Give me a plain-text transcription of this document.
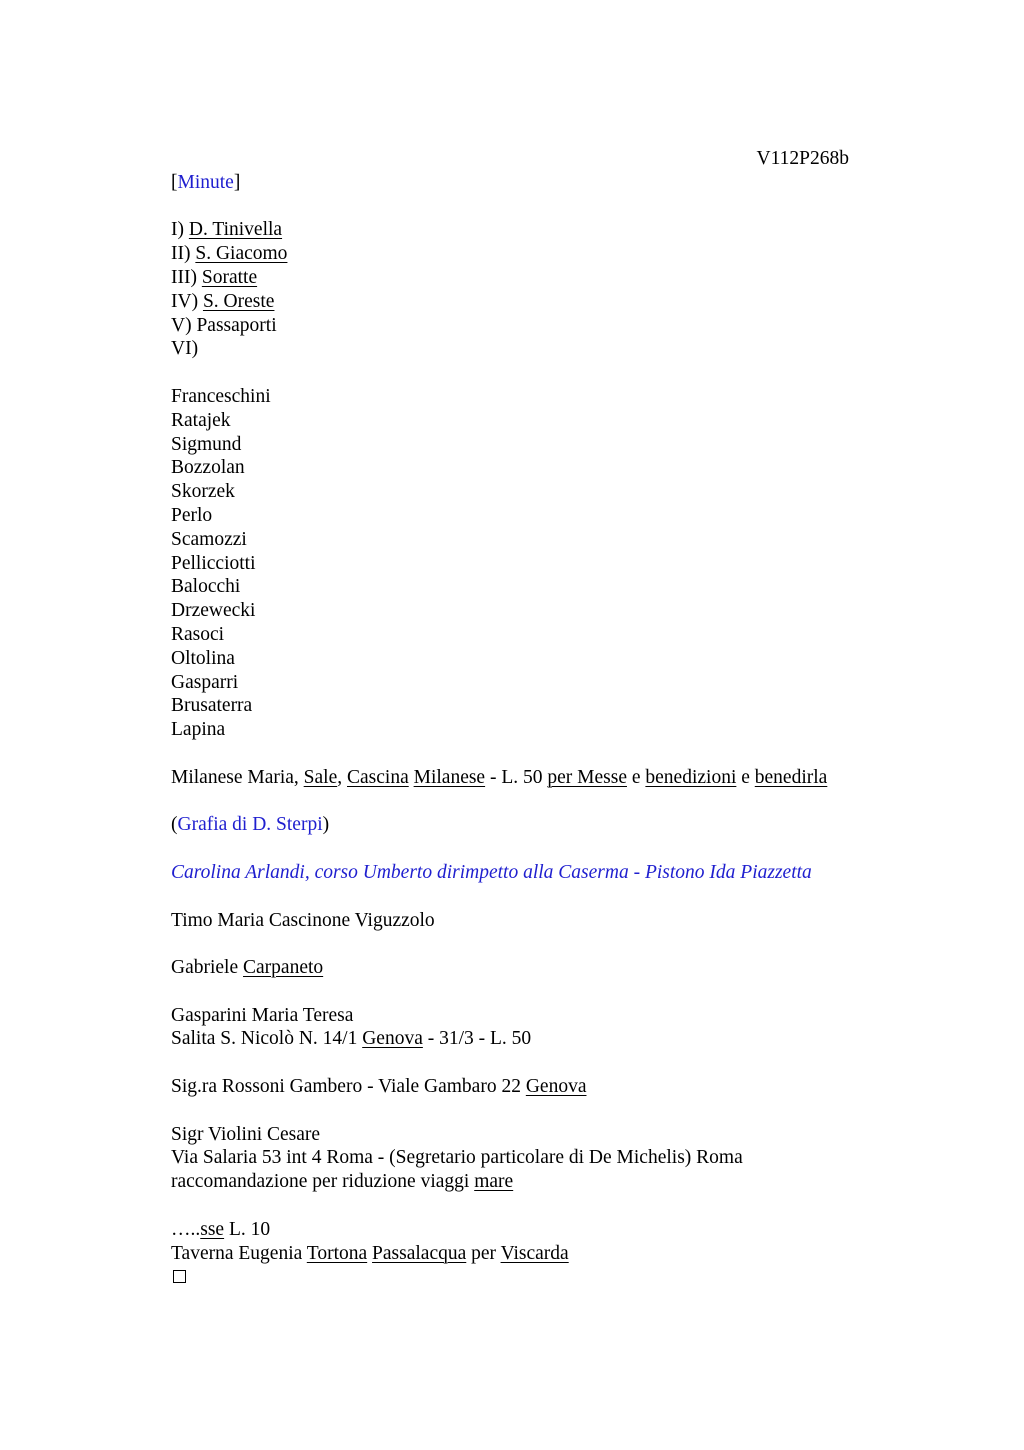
V112P268b
[Minute]
I) D. Tinivella
II) S. Giacomo
III) Soratte
IV) S. Oreste
V) Passaporti
VI)
Franceschini
Ratajek
Sigmund
Bozzolan
Skorzek
Perlo
Scamozzi
Pellicciotti
Balocchi
Drzewecki
Rasoci
Oltolina
Gasparri
Brusaterra
Lapina
Milanese Maria, Sale, Cascina Milanese - L. 50 per Messe e benedizioni e benedirla
(Grafia di D. Sterpi)
Carolina Arlandi, corso Umberto dirimpetto alla Caserma - Pistono Ida Piazzetta
Timo Maria Cascinone Viguzzolo
Gabriele Carpaneto
Gasparini Maria Teresa
Salita S. Nicolò N. 14/1 Genova - 31/3 - L. 50
Sig.ra Rossoni Gambero - Viale Gambaro 22 Genova
Sigr Violini Cesare
Via Salaria 53 int 4 Roma - (Segretario particolare di De Michelis) Roma
raccomandazione per riduzione viaggi mare
…..sse L. 10
Taverna Eugenia Tortona Passalacqua per Viscarda
